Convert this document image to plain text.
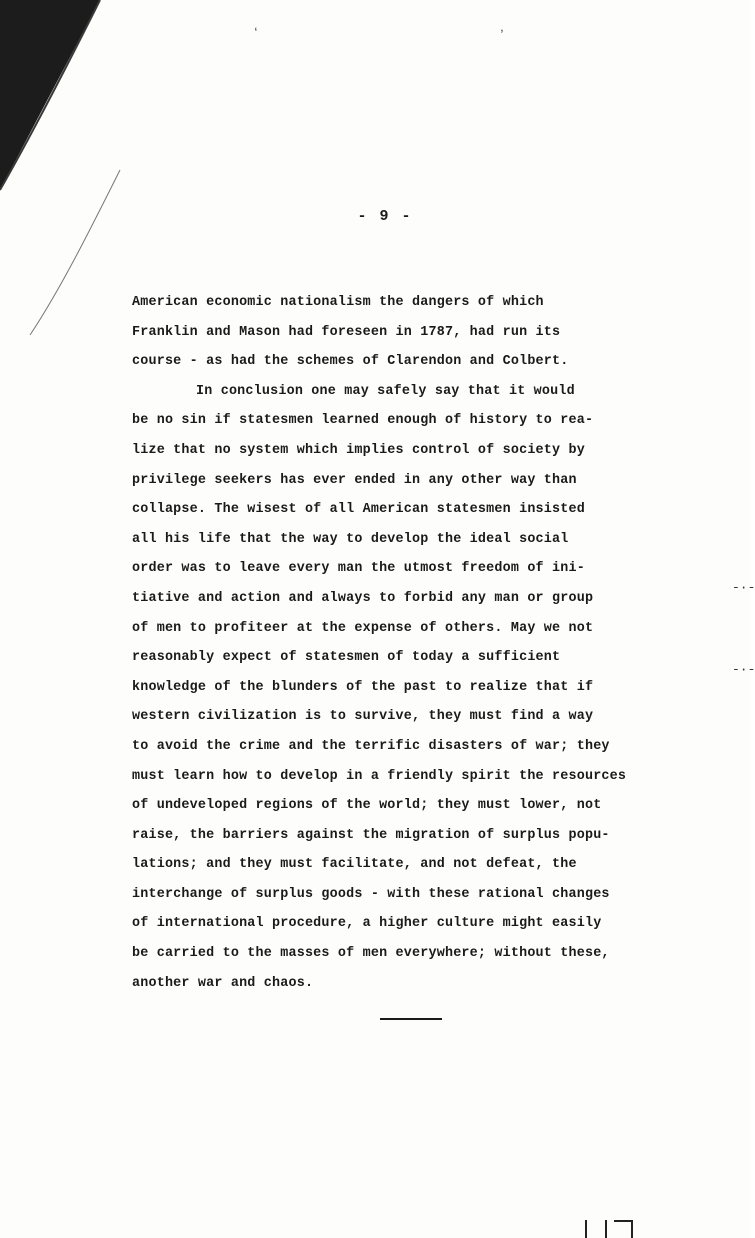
ʻ	ʼ
- 9 -
American economic nationalism the dangers of which
Franklin and Mason had foreseen in 1787, had run its
course - as had the schemes of Clarendon and Colbert.
In conclusion one may safely say that it would
be no sin if statesmen learned enough of history to rea-
lize that no system which implies control of society by
privilege seekers has ever ended in any other way than
collapse. The wisest of all American statesmen insisted
all his life that the way to develop the ideal social
order was to leave every man the utmost freedom of ini-
tiative and action and always to forbid any man or group
of men to profiteer at the expense of others. May we not
reasonably expect of statesmen of today a sufficient
knowledge of the blunders of the past to realize that if
western civilization is to survive, they must find a way
to avoid the crime and the terrific disasters of war; they
must learn how to develop in a friendly spirit the resources
of undeveloped regions of the world; they must lower, not
raise, the barriers against the migration of surplus popu-
lations; and they must facilitate, and not defeat, the
interchange of surplus goods - with these rational changes
of international procedure, a higher culture might easily
be carried to the masses of men everywhere; without these,
another war and chaos.
-·-
-·-
